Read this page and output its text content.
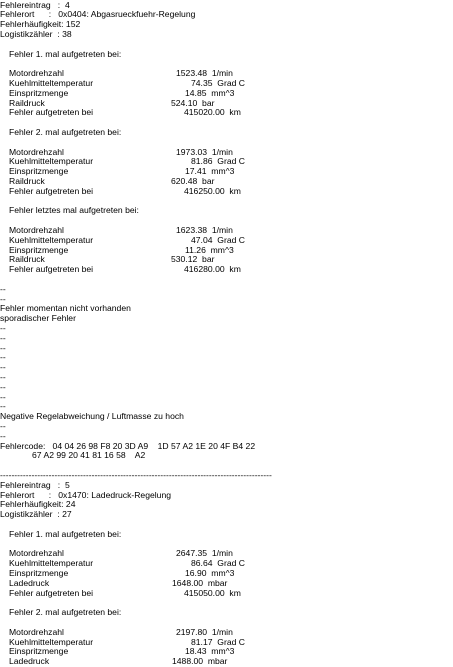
Fehlereintrag   :  4
Fehlerort      :   0x0404: Abgasrueckfuehr-Regelung
Fehlerhäufigkeit: 152
Logistikzähler  : 38
Fehler 1. mal aufgetreten bei:
Motordrehzahl	1523.48  1/min
Kuehlmitteltemperatur	74.35  Grad C
Einspritzmenge	14.85  mm^3
Raildruck	524.10  bar
Fehler aufgetreten bei	415020.00  km
Fehler 2. mal aufgetreten bei:
Motordrehzahl	1973.03  1/min
Kuehlmitteltemperatur	81.86  Grad C
Einspritzmenge	17.41  mm^3
Raildruck	620.48  bar
Fehler aufgetreten bei	416250.00  km
Fehler letztes mal aufgetreten bei:
Motordrehzahl	1623.38  1/min
Kuehlmitteltemperatur	47.04  Grad C
Einspritzmenge	11.26  mm^3
Raildruck	530.12  bar
Fehler aufgetreten bei	416280.00  km
--
--
Fehler momentan nicht vorhanden
sporadischer Fehler
--
--
--
--
--
--
--
--
--
Negative Regelabweichung / Luftmasse zu hoch
--
--
Fehlercode:   04 04 26 98 F8 20 3D A9    1D 57 A2 1E 20 4F B4 22
67 A2 99 20 41 81 16 58    A2
-----------------------------------------------------------------------------------------------
Fehlereintrag   :  5
Fehlerort      :   0x1470: Ladedruck-Regelung
Fehlerhäufigkeit: 24
Logistikzähler  : 27
Fehler 1. mal aufgetreten bei:
Motordrehzahl	2647.35  1/min
Kuehlmitteltemperatur	86.64  Grad C
Einspritzmenge	16.90  mm^3
Ladedruck	1648.00  mbar
Fehler aufgetreten bei	415050.00  km
Fehler 2. mal aufgetreten bei:
Motordrehzahl	2197.80  1/min
Kuehlmitteltemperatur	81.17  Grad C
Einspritzmenge	18.43  mm^3
Ladedruck	1488.00  mbar
